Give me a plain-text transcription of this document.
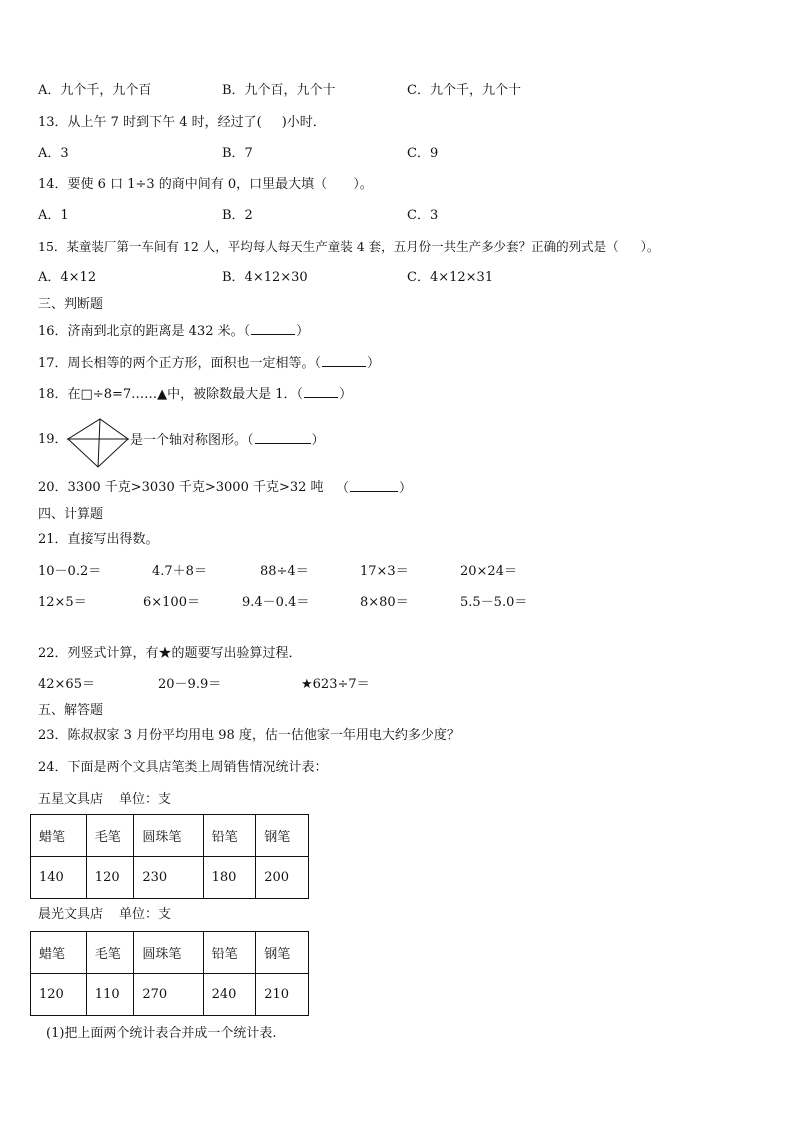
A．九个千，九个百	B．九个百，九个十	C．九个千，九个十
13．从上午 7 时到下午 4 时，经过了( )小时．
A．3	B．7	C．9
14．要使 6 口 1÷3 的商中间有 0，口里最大填（ ）。
A．1	B．2	C．3
15．某童装厂第一车间有 12 人，平均每人每天生产童装 4 套，五月份一共生产多少套？正确的列式是（ ）。
A．4×12	B．4×12×30	C．4×12×31
三、判断题
16．济南到北京的距离是 432 米。（	）
17．周长相等的两个正方形，面积也一定相等。（	）
18．在□÷8=7……▲中，被除数最大是 1．（	）
19．	是一个轴对称图形。（	）
20．3300 千克>3030 千克>3000 千克>32 吨 （	）
四、计算题
21．直接写出得数。
10－0.2＝	4.7＋8＝	88÷4＝	17×3＝	20×24＝
12×5＝	6×100＝	9.4－0.4＝	8×80＝	5.5－5.0＝
22．列竖式计算，有★的题要写出验算过程．
42×65＝	20－9.9＝	★623÷7＝
五、解答题
23．陈叔叔家 3 月份平均用电 98 度，估一估他家一年用电大约多少度？
24．下面是两个文具店笔类上周销售情况统计表：
五星文具店 单位：支
蜡笔	毛笔	圆珠笔	铅笔	钢笔
140	120	230	180	200
晨光文具店 单位：支
蜡笔	毛笔	圆珠笔	铅笔	钢笔
120	110	270	240	210
(1)把上面两个统计表合并成一个统计表.
